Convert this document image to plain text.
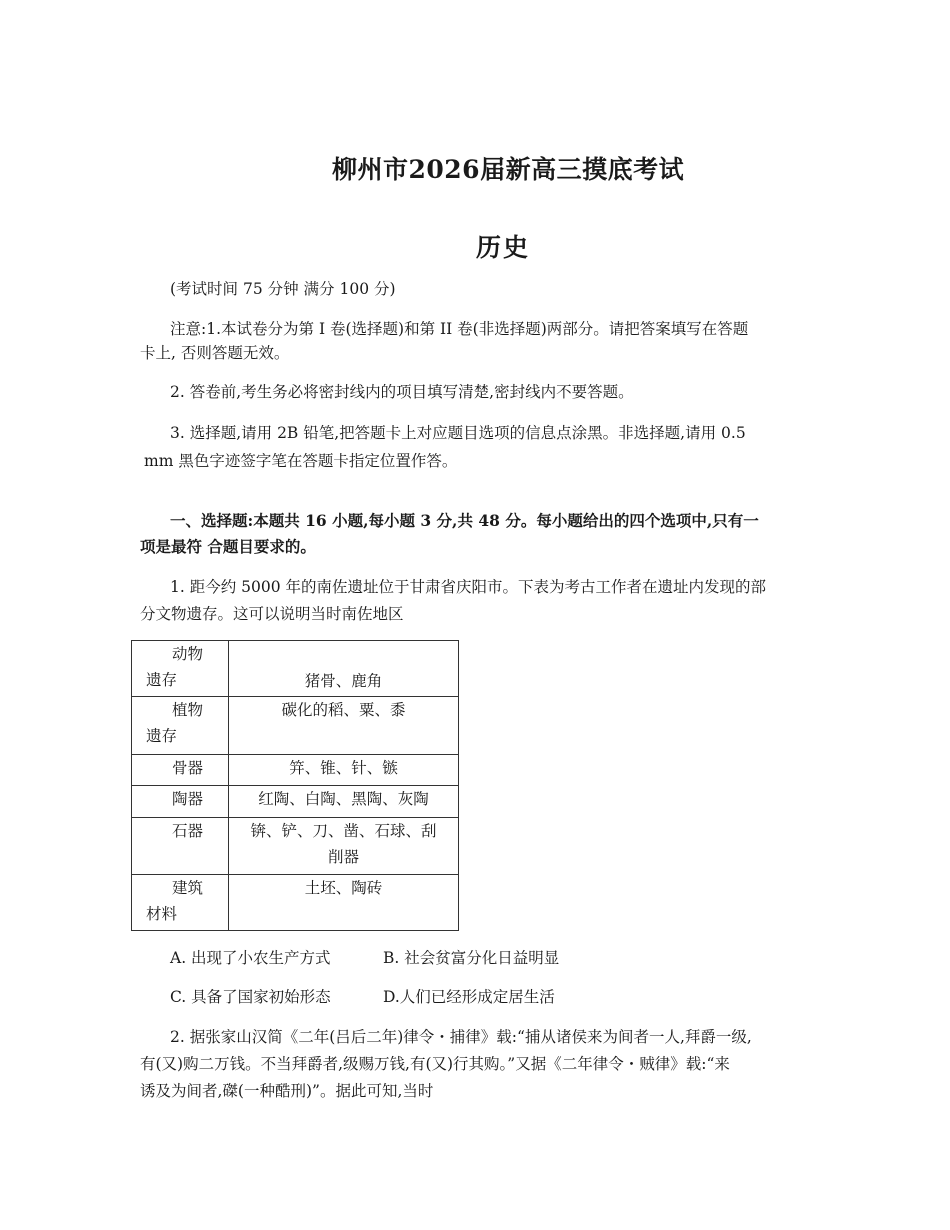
柳州市2026届新高三摸底考试
历史
(考试时间 75 分钟 满分 100 分)
注意:1.本试卷分为第 I 卷(选择题)和第 II 卷(非选择题)两部分。请把答案填写在答题
卡上, 否则答题无效。
2. 答卷前,考生务必将密封线内的项目填写清楚,密封线内不要答题。
3. 选择题,请用 2B 铅笔,把答题卡上对应题目选项的信息点涂黑。非选择题,请用 0.5
mm 黑色字迹签字笔在答题卡指定位置作答。
一、选择题:本题共 16 小题,每小题 3 分,共 48 分。每小题给出的四个选项中,只有一
项是最符 合题目要求的。
1. 距今约 5000 年的南佐遗址位于甘肃省庆阳市。下表为考古工作者在遗址内发现的部
分文物遗存。这可以说明当时南佐地区
动物
遗存	猪骨、鹿角

植物
遗存	碳化的稻、粟、黍

骨器	笄、锥、针、镞

陶器	红陶、白陶、黑陶、灰陶

石器	锛、铲、刀、凿、石球、刮
削器

建筑
材料	土坯、陶砖
A. 出现了小农生产方式	B. 社会贫富分化日益明显
C. 具备了国家初始形态	D.人们已经形成定居生活
2. 据张家山汉简《二年(吕后二年)律令・捕律》载:“捕从诸侯来为间者一人,拜爵一级,
有(又)购二万钱。不当拜爵者,级赐万钱,有(又)行其购。”又据《二年律令・贼律》载:“来
诱及为间者,磔(一种酷刑)”。据此可知,当时
